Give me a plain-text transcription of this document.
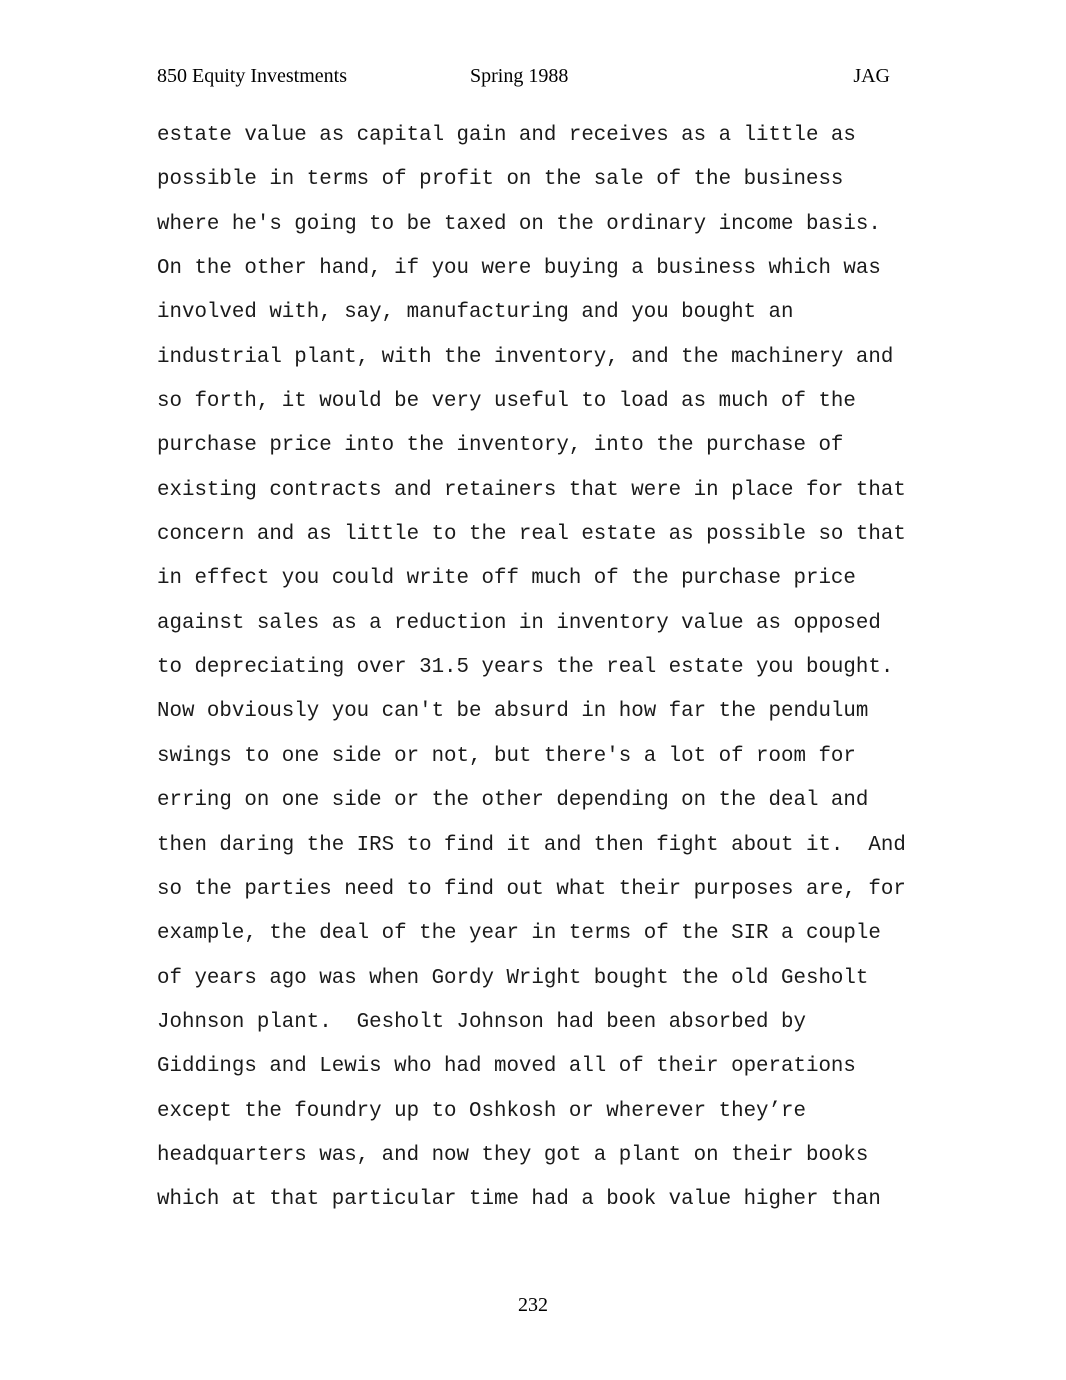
850 Equity Investments	Spring 1988	JAG
estate value as capital gain and receives as a little as
possible in terms of profit on the sale of the business
where he's going to be taxed on the ordinary income basis.
On the other hand, if you were buying a business which was
involved with, say, manufacturing and you bought an
industrial plant, with the inventory, and the machinery and
so forth, it would be very useful to load as much of the
purchase price into the inventory, into the purchase of
existing contracts and retainers that were in place for that
concern and as little to the real estate as possible so that
in effect you could write off much of the purchase price
against sales as a reduction in inventory value as opposed
to depreciating over 31.5 years the real estate you bought.
Now obviously you can't be absurd in how far the pendulum
swings to one side or not, but there's a lot of room for
erring on one side or the other depending on the deal and
then daring the IRS to find it and then fight about it.  And
so the parties need to find out what their purposes are, for
example, the deal of the year in terms of the SIR a couple
of years ago was when Gordy Wright bought the old Gesholt
Johnson plant.  Gesholt Johnson had been absorbed by
Giddings and Lewis who had moved all of their operations
except the foundry up to Oshkosh or wherever they’re
headquarters was, and now they got a plant on their books
which at that particular time had a book value higher than
232
